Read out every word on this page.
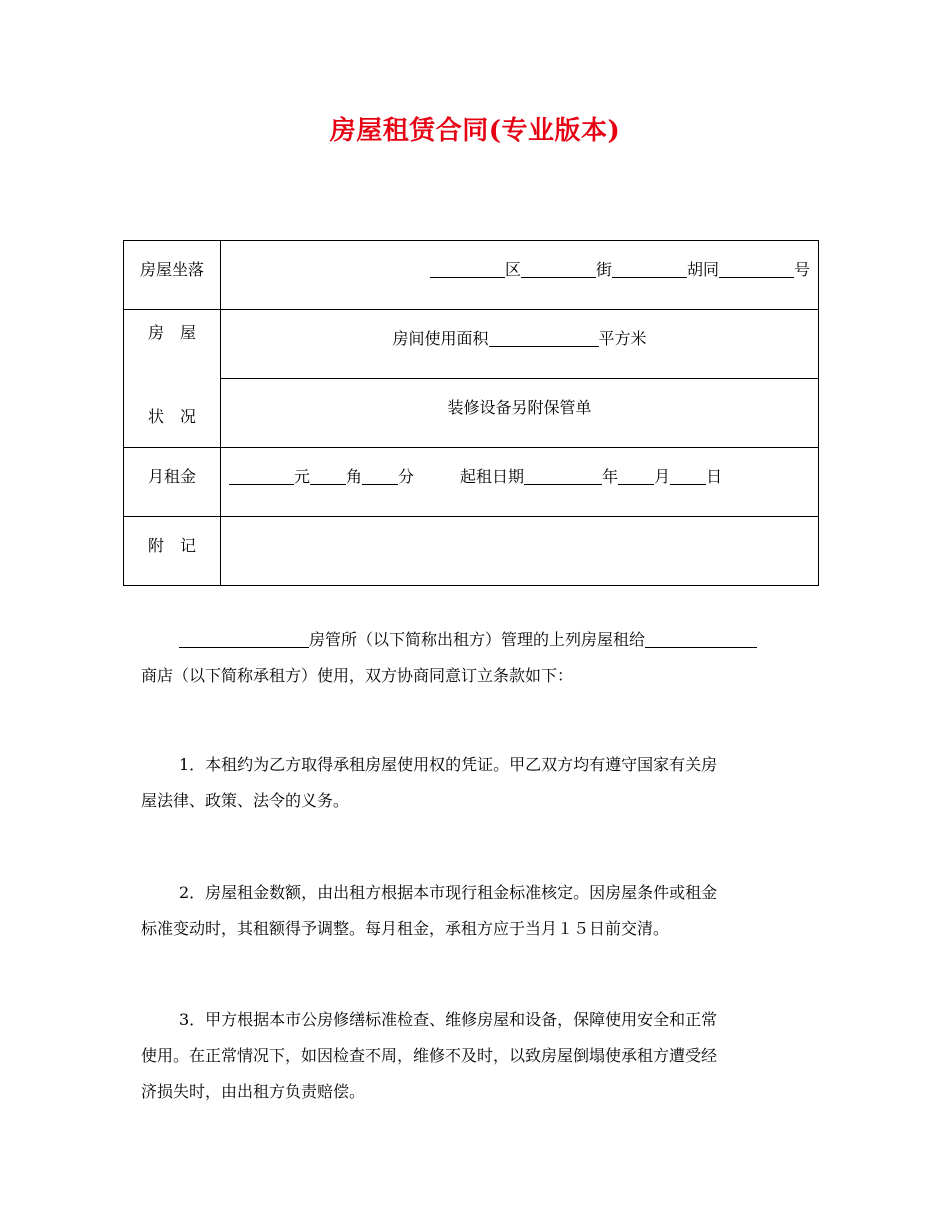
房屋租赁合同(专业版本)
房屋坐落	区 街 胡同 号

房　屋
状　况	房间使用面积 平方米

	装修设备另附保管单

月租金	元 角 分 起租日期 年 月 日

附　记	

房管所（以下简称出租方）管理的上列房屋租给
商店（以下简称承租方）使用，双方协商同意订立条款如下：
1．本租约为乙方取得承租房屋使用权的凭证。甲乙双方均有遵守国家有关房
屋法律、政策、法令的义务。
2．房屋租金数额，由出租方根据本市现行租金标准核定。因房屋条件或租金
标准变动时，其租额得予调整。每月租金，承租方应于当月１５日前交清。
3．甲方根据本市公房修缮标准检查、维修房屋和设备，保障使用安全和正常
使用。在正常情况下，如因检查不周，维修不及时，以致房屋倒塌使承租方遭受经
济损失时，由出租方负责赔偿。
